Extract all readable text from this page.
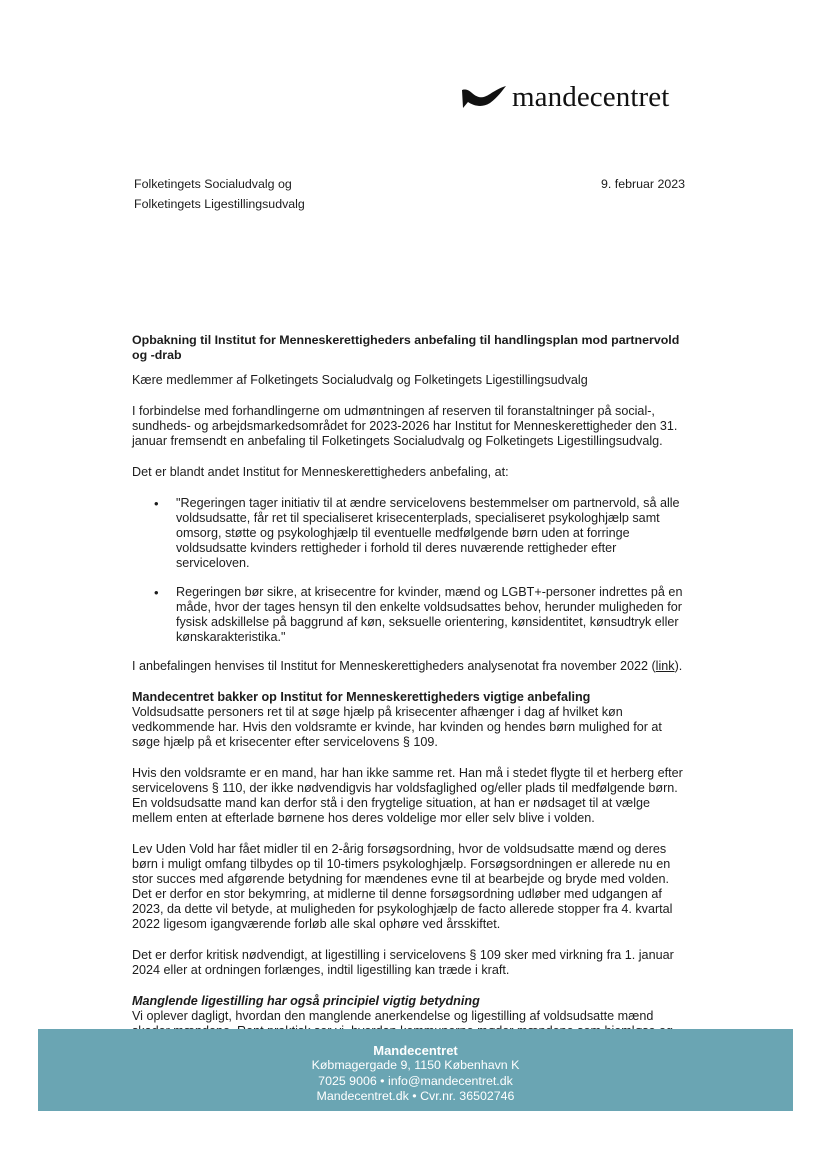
mandecentret
Folketingets Socialudvalg og
Folketingets Ligestillingsudvalg
9. februar 2023
Opbakning til Institut for Menneskerettigheders anbefaling til handlingsplan mod partnervold og -drab

Kære medlemmer af Folketingets Socialudvalg og Folketingets Ligestillingsudvalg

I forbindelse med forhandlingerne om udmøntningen af reserven til foranstaltninger på social-, sundheds- og arbejdsmarkedsområdet for 2023-2026 har Institut for Menneskerettigheder den 31. januar fremsendt en anbefaling til Folketingets Socialudvalg og Folketingets Ligestillingsudvalg.

Det er blandt andet Institut for Menneskerettigheders anbefaling, at:

• "Regeringen tager initiativ til at ændre servicelovens bestemmelser om partnervold, så alle voldsudsatte, får ret til specialiseret krisecenterplads, specialiseret psykologhjælp samt omsorg, støtte og psykologhjælp til eventuelle medfølgende børn uden at forringe voldsudsatte kvinders rettigheder i forhold til deres nuværende rettigheder efter serviceloven.
• Regeringen bør sikre, at krisecentre for kvinder, mænd og LGBT+-personer indrettes på en måde, hvor der tages hensyn til den enkelte voldsudsattes behov, herunder muligheden for fysisk adskillelse på baggrund af køn, seksuelle orientering, kønsidentitet, kønsudtryk eller kønskarakteristika."

I anbefalingen henvises til Institut for Menneskerettigheders analysenotat fra november 2022 (link).

Mandecentret bakker op Institut for Menneskerettigheders vigtige anbefaling

Voldsudsatte personers ret til at søge hjælp på krisecenter afhænger i dag af hvilket køn vedkommende har. Hvis den voldsramte er kvinde, har kvinden og hendes børn mulighed for at søge hjælp på et krisecenter efter servicelovens § 109.

Hvis den voldsramte er en mand, har han ikke samme ret. Han må i stedet flygte til et herberg efter servicelovens § 110, der ikke nødvendigvis har voldsfaglighed og/eller plads til medfølgende børn. En voldsudsatte mand kan derfor stå i den frygtelige situation, at han er nødsaget til at vælge mellem enten at efterlade børnene hos deres voldelige mor eller selv blive i volden.

Lev Uden Vold har fået midler til en 2-årig forsøgsordning, hvor de voldsudsatte mænd og deres børn i muligt omfang tilbydes op til 10-timers psykologhjælp. Forsøgsordningen er allerede nu en stor succes med afgørende betydning for mændenes evne til at bearbejde og bryde med volden. Det er derfor en stor bekymring, at midlerne til denne forsøgsordning udløber med udgangen af 2023, da dette vil betyde, at muligheden for psykologhjælp de facto allerede stopper fra 4. kvartal 2022 ligesom igangværende forløb alle skal ophøre ved årsskiftet.

Det er derfor kritisk nødvendigt, at ligestilling i servicelovens § 109 sker med virkning fra 1. januar 2024 eller at ordningen forlænges, indtil ligestilling kan træde i kraft.

Manglende ligestilling har også principiel vigtig betydning

Vi oplever dagligt, hvordan den manglende anerkendelse og ligestilling af voldsudsatte mænd

Mandecentret
Købmagergade 9, 1150 København K
7025 9006 • info@mandecentret.dk
Mandecentret.dk • Cvr.nr. 36502746
